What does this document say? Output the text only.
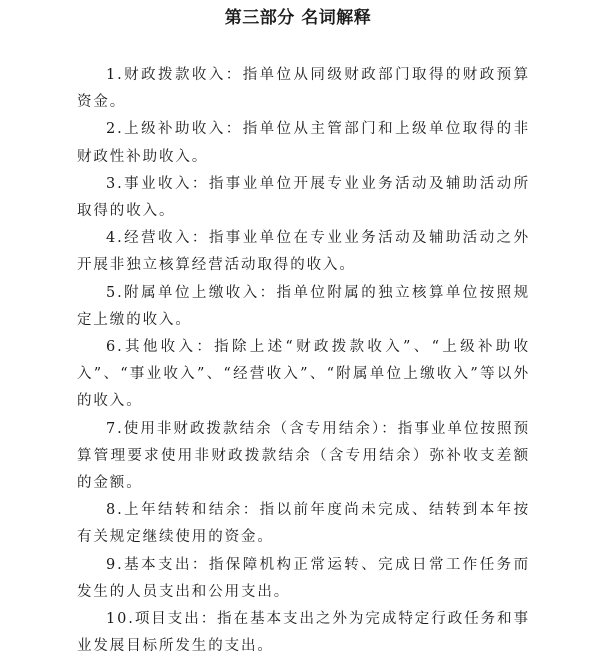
第三部分 名词解释

1.财政拨款收入：指单位从同级财政部门取得的财政预算资金。

2.上级补助收入：指单位从主管部门和上级单位取得的非财政性补助收入。

3.事业收入：指事业单位开展专业业务活动及辅助活动所取得的收入。

4.经营收入：指事业单位在专业业务活动及辅助活动之外开展非独立核算经营活动取得的收入。

5.附属单位上缴收入：指单位附属的独立核算单位按照规定上缴的收入。

6.其他收入：指除上述“财政拨款收入”、“上级补助收入”、“事业收入”、“经营收入”、“附属单位上缴收入”等以外的收入。

7.使用非财政拨款结余（含专用结余）：指事业单位按照预算管理要求使用非财政拨款结余（含专用结余）弥补收支差额的金额。

8.上年结转和结余：指以前年度尚未完成、结转到本年按有关规定继续使用的资金。

9.基本支出：指保障机构正常运转、完成日常工作任务而发生的人员支出和公用支出。

10.项目支出：指在基本支出之外为完成特定行政任务和事业发展目标所发生的支出。
